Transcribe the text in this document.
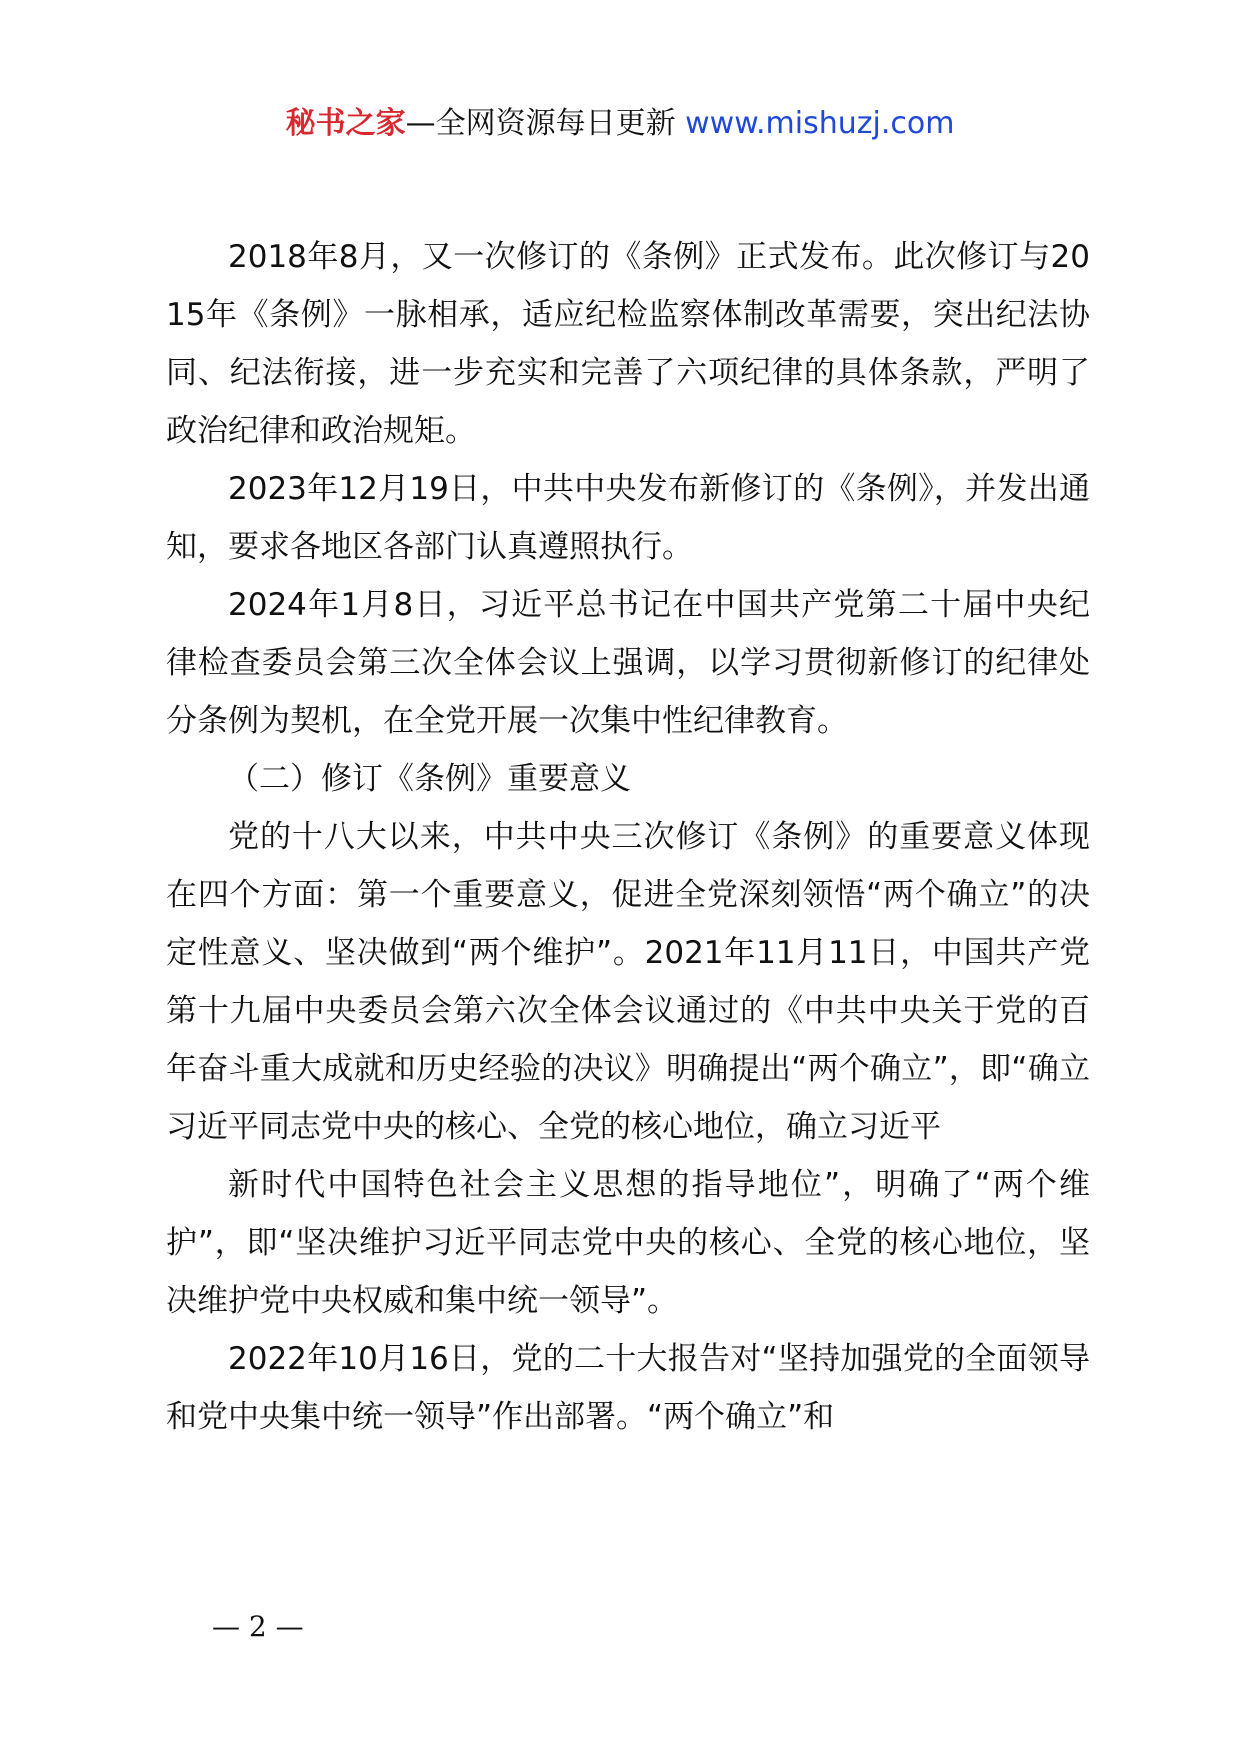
秘书之家—全网资源每日更新 www.mishuzj.com

2018年8月，又一次修订的《条例》正式发布。此次修订与2015年《条例》一脉相承，适应纪检监察体制改革需要，突出纪法协同、纪法衔接，进一步充实和完善了六项纪律的具体条款，严明了政治纪律和政治规矩。

2023年12月19日，中共中央发布新修订的《条例》，并发出通知，要求各地区各部门认真遵照执行。

2024年1月8日，习近平总书记在中国共产党第二十届中央纪律检查委员会第三次全体会议上强调，以学习贯彻新修订的纪律处分条例为契机，在全党开展一次集中性纪律教育。

（二）修订《条例》重要意义

党的十八大以来，中共中央三次修订《条例》的重要意义体现在四个方面：第一个重要意义，促进全党深刻领悟“两个确立”的决定性意义、坚决做到“两个维护”。2021年11月11日，中国共产党第十九届中央委员会第六次全体会议通过的《中共中央关于党的百年奋斗重大成就和历史经验的决议》明确提出“两个确立”，即“确立习近平同志党中央的核心、全党的核心地位，确立习近平

新时代中国特色社会主义思想的指导地位”，明确了“两个维护”，即“坚决维护习近平同志党中央的核心、全党的核心地位，坚决维护党中央权威和集中统一领导”。

2022年10月16日，党的二十大报告对“坚持加强党的全面领导和党中央集中统一领导”作出部署。“两个确立”和

— 2 —
